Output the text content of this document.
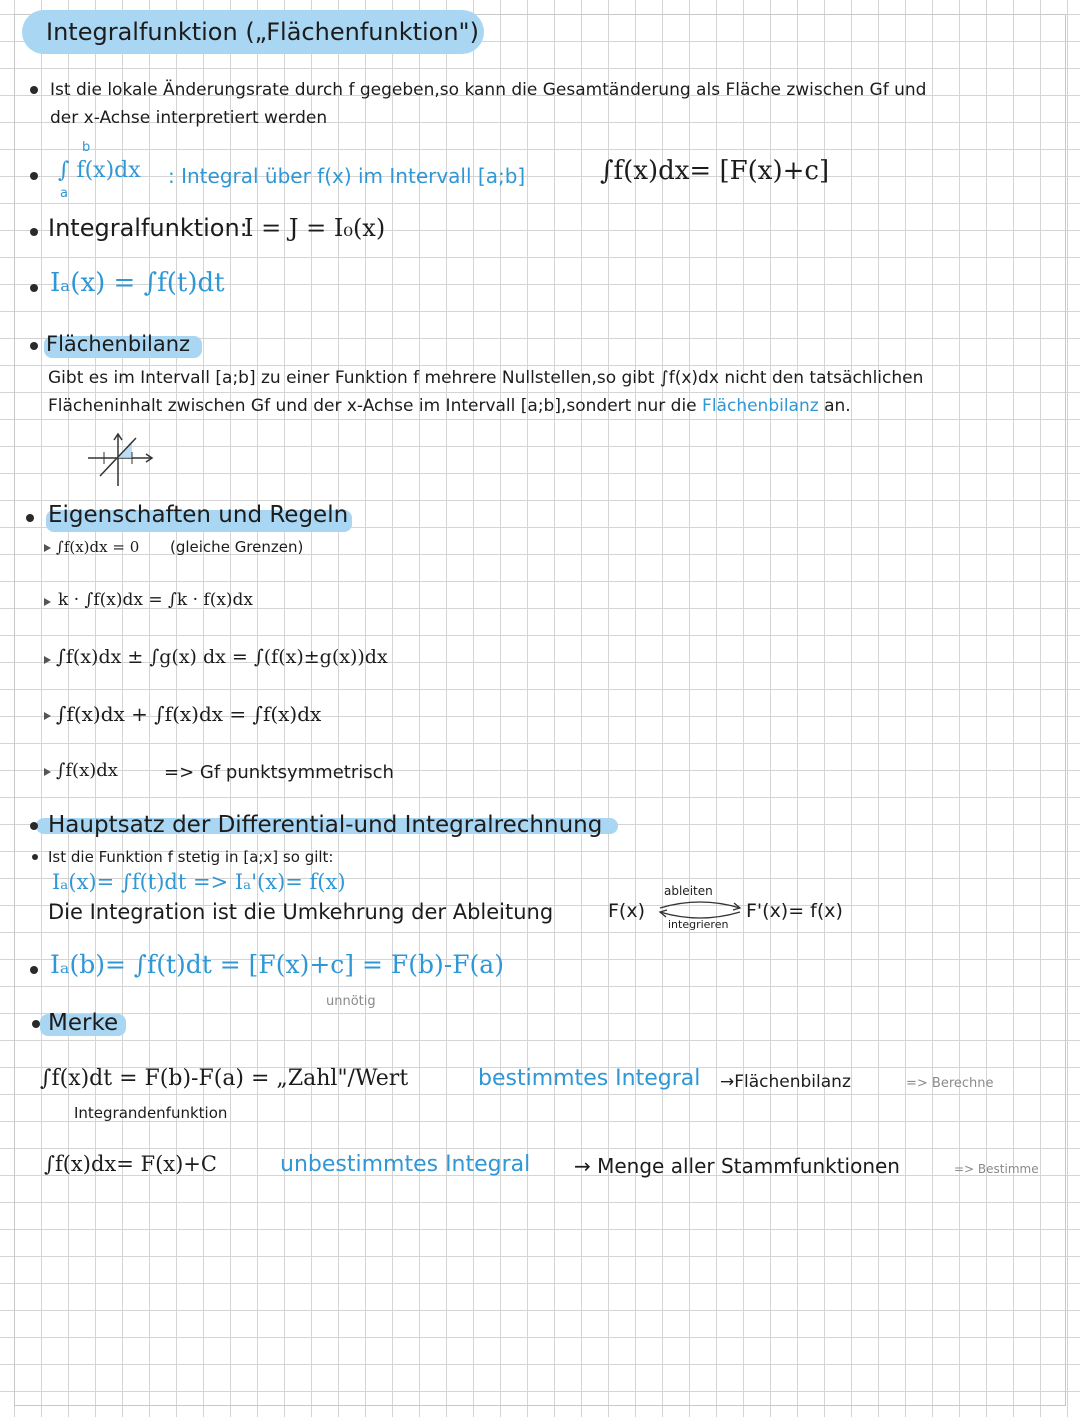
Integralfunktion („Flächenfunktion")
Ist die lokale Änderungsrate durch f gegeben,so kann die Gesamtänderung als Fläche zwischen Gf und
der x-Achse interpretiert werden
b
∫ f(x)dx
a
: Integral über f(x) im Intervall [a;b]	∫f(x)dx= [F(x)+c]
Integralfunktion:
I = J = I₀(x)
Iₐ(x) = ∫f(t)dt
Flächenbilanz
Gibt es im Intervall [a;b] zu einer Funktion f mehrere Nullstellen,so gibt ∫f(x)dx nicht den tatsächlichen
Flächeninhalt zwischen Gf und der x-Achse im Intervall [a;b],sondert nur die Flächenbilanz an.
Eigenschaften und Regeln
∫f(x)dx = 0 (gleiche Grenzen)
k · ∫f(x)dx = ∫k · f(x)dx
∫f(x)dx ± ∫g(x) dx = ∫(f(x)±g(x))dx
∫f(x)dx + ∫f(x)dx = ∫f(x)dx
∫f(x)dx	=> Gf punktsymmetrisch
Hauptsatz der Differential-und Integralrechnung
Ist die Funktion f stetig in [a;x] so gilt:
Iₐ(x)= ∫f(t)dt => Iₐ'(x)= f(x)
Die Integration ist die Umkehrung der Ableitung	F(x)
ableiten
integrieren
F'(x)= f(x)
Iₐ(b)= ∫f(t)dt = [F(x)+c] = F(b)-F(a)
unnötig
Merke
∫f(x)dt = F(b)-F(a) = „Zahl"/Wert
Integrandenfunktion
bestimmtes Integral →Flächenbilanz	=> Berechne
∫f(x)dx= F(x)+C	unbestimmtes Integral → Menge aller Stammfunktionen	=> Bestimme
